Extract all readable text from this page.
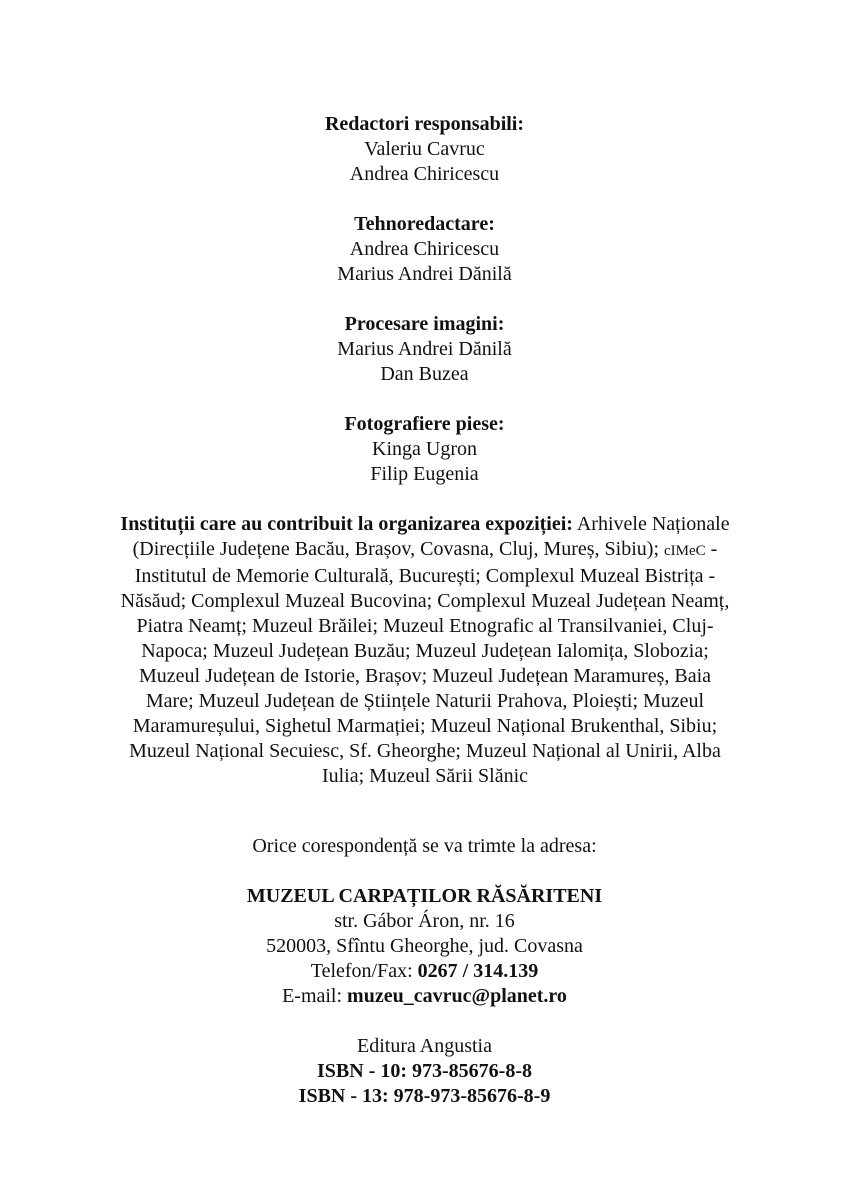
Redactori responsabili:
Valeriu Cavruc
Andrea Chiricescu
Tehnoredactare:
Andrea Chiricescu
Marius Andrei Dănilă
Procesare imagini:
Marius Andrei Dănilă
Dan Buzea
Fotografiere piese:
Kinga Ugron
Filip Eugenia
Instituții care au contribuit la organizarea expoziției: Arhivele Naționale
(Direcțiile Județene Bacău, Brașov, Covasna, Cluj, Mureș, Sibiu); cIMeC -
Institutul de Memorie Culturală, București; Complexul Muzeal Bistrița -
Năsăud; Complexul Muzeal Bucovina; Complexul Muzeal Județean Neamț,
Piatra Neamț; Muzeul Brăilei; Muzeul Etnografic al Transilvaniei, Cluj-
Napoca; Muzeul Județean Buzău; Muzeul Județean Ialomița, Slobozia;
Muzeul Județean de Istorie, Brașov; Muzeul Județean Maramureș, Baia
Mare; Muzeul Județean de Științele Naturii Prahova, Ploiești; Muzeul
Maramureșului, Sighetul Marmației; Muzeul Național Brukenthal, Sibiu;
Muzeul Național Secuiesc, Sf. Gheorghe; Muzeul Național al Unirii, Alba
Iulia; Muzeul Sării Slănic
Orice corespondență se va trimte la adresa:
MUZEUL CARPAȚILOR RĂSĂRITENI
str. Gábor Áron, nr. 16
520003, Sfîntu Gheorghe, jud. Covasna
Telefon/Fax: 0267 / 314.139
E-mail: muzeu_cavruc@planet.ro
Editura Angustia
ISBN - 10: 973-85676-8-8
ISBN - 13: 978-973-85676-8-9
